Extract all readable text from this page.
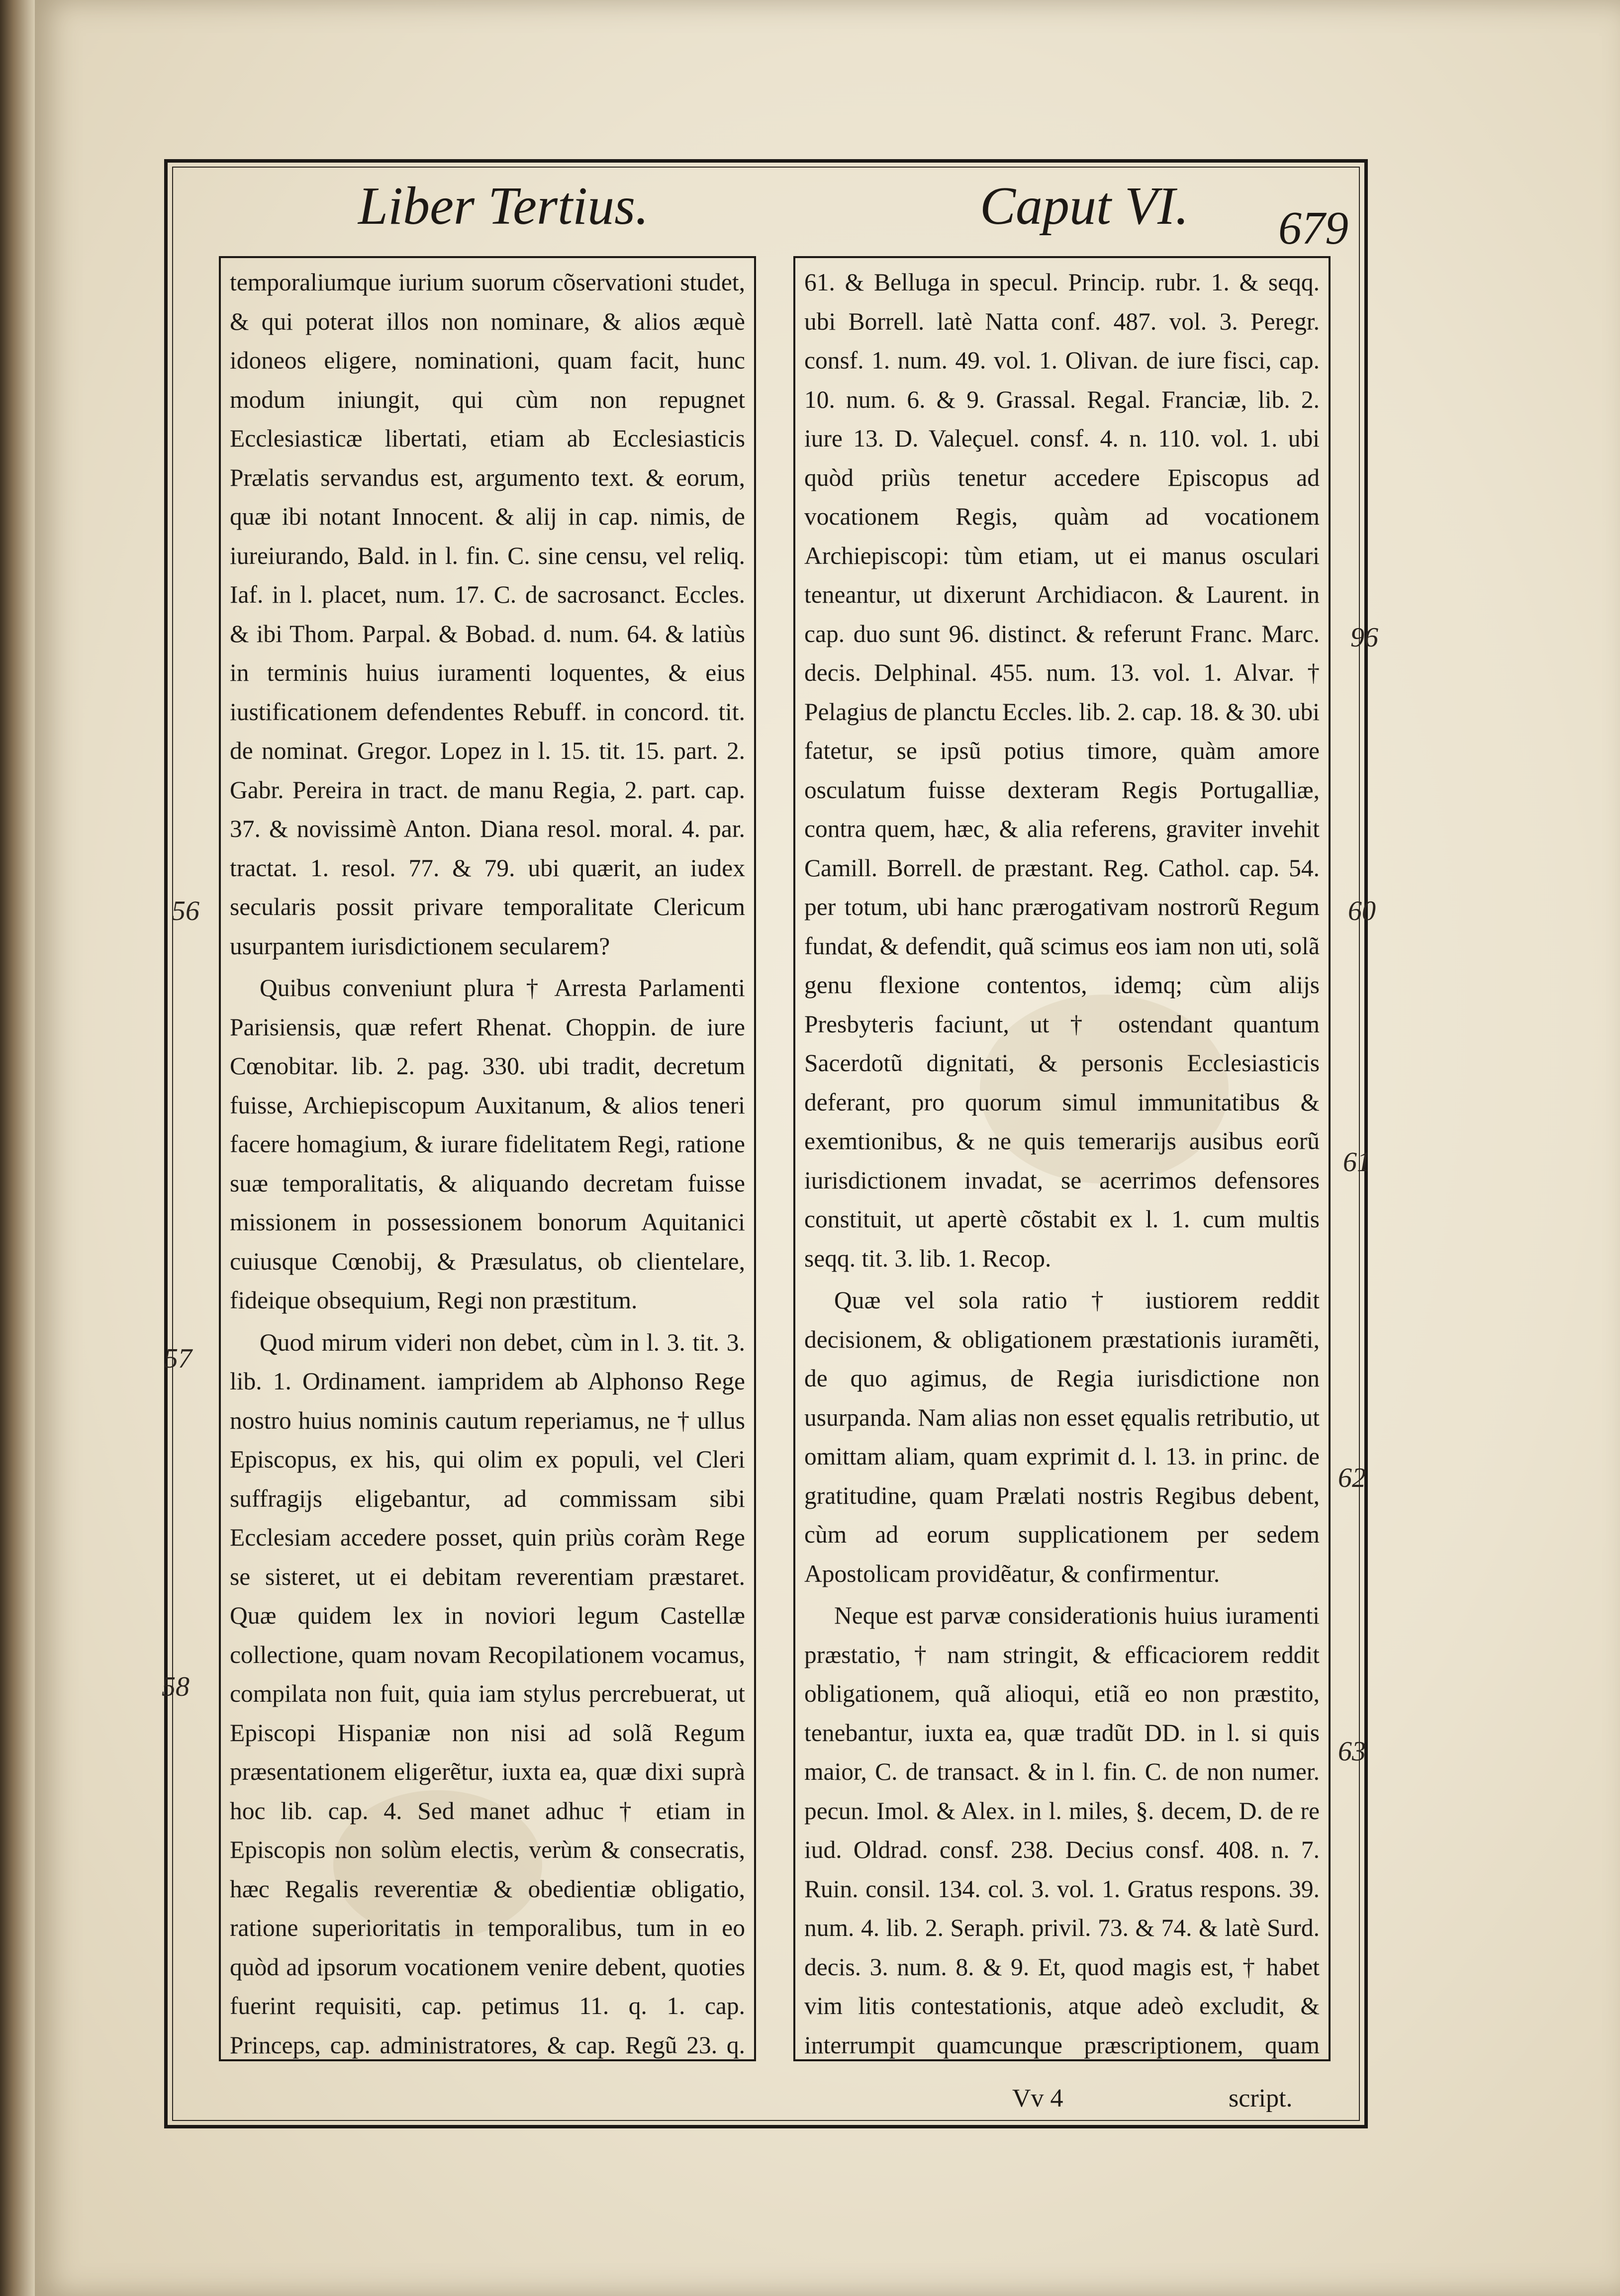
Liber Tertius.	Caput VI. 679

temporaliumque iurium suorum cõservationi studet, & qui poterat illos non nominare, & alios æquè idoneos eligere, nominationi, quam facit, hunc modum iniungit, qui cùm non repugnet Ecclesiasticæ libertati, etiam ab Ecclesiasticis Prælatis servandus est, argumento text. & eorum, quæ ibi notant Innocent. & alij in cap. nimis, de iureiurando, Bald. in l. fin. C. sine censu, vel reliq. Iaf. in l. placet, num. 17. C. de sacrosanct. Eccles. & ibi Thom. Parpal. & Bobad. d. num. 64. & latiùs in terminis huius iuramenti loquentes, & eius iustificationem defendentes Rebuff. in concord. tit. de nominat. Gregor. Lopez in l. 15. tit. 15. part. 2. Gabr. Pereira in tract. de manu Regia, 2. part. cap. 37. & novissimè Anton. Diana resol. moral. 4. par. tractat. 1. resol. 77. & 79. ubi quærit, an iudex secularis possit privare temporalitate Clericum usurpantem iurisdictionem secularem?

Quibus conveniunt plura † Arresta Parlamenti Parisiensis, quæ refert Rhenat. Choppin. de iure Cœnobitar. lib. 2. pag. 330. ubi tradit, decretum fuisse, Archiepiscopum Auxitanum, & alios teneri facere homagium, & iurare fidelitatem Regi, ratione suæ temporalitatis, & aliquando decretam fuisse missionem in possessionem bonorum Aquitanici cuiusque Cœnobij, & Præsulatus, ob clientelare, fideique obsequium, Regi non præstitum.

Quod mirum videri non debet, cùm in l. 3. tit. 3. lib. 1. Ordinament. iampridem ab Alphonso Rege nostro huius nominis cautum reperiamus, ne † ullus Episcopus, ex his, qui olim ex populi, vel Cleri suffragijs eligebantur, ad commissam sibi Ecclesiam accedere posset, quin priùs coràm Rege se sisteret, ut ei debitam reverentiam præstaret. Quæ quidem lex in noviori legum Castellæ collectione, quam novam Recopilationem vocamus, compilata non fuit, quia iam stylus percrebuerat, ut Episcopi Hispaniæ non nisi ad solã Regum præsentationem eligerẽtur, iuxta ea, quæ dixi suprà hoc lib. cap. 4. Sed manet adhuc † etiam in Episcopis non solùm electis, verùm & consecratis, hæc Regalis reverentiæ & obedientiæ obligatio, ratione superioritatis in temporalibus, tum in eo quòd ad ipsorum vocationem venire debent, quoties fuerint requisiti, cap. petimus 11. q. 1. cap. Princeps, cap. administratores, & cap. Regũ 23. q.

61. & Belluga in specul. Princip. rubr. 1. & seqq. ubi Borrell. latè Natta conf. 487. vol. 3. Peregr. consf. 1. num. 49. vol. 1. Olivan. de iure fisci, cap. 10. num. 6. & 9. Grassal. Regal. Franciæ, lib. 2. iure 13. D. Valeçuel. consf. 4. n. 110. vol. 1. ubi quòd priùs tenetur accedere Episcopus ad vocationem Regis, quàm ad vocationem Archiepiscopi: tùm etiam, ut ei manus osculari teneantur, ut dixerunt Archidiacon. & Laurent. in cap. duo sunt 96. distinct. & referunt Franc. Marc. decis. Delphinal. 455. num. 13. vol. 1. Alvar. † Pelagius de planctu Eccles. lib. 2. cap. 18. & 30. ubi fatetur, se ipsũ potius timore, quàm amore osculatum fuisse dexteram Regis Portugalliæ, contra quem, hæc, & alia referens, graviter invehit Camill. Borrell. de præstant. Reg. Cathol. cap. 54. per totum, ubi hanc prærogativam nostrorũ Regum fundat, & defendit, quã scimus eos iam non uti, solã genu flexione contentos, idemq; cùm alijs Presbyteris faciunt, ut † ostendant quantum Sacerdotũ dignitati, & personis Ecclesiasticis deferant, pro quorum simul immunitatibus & exemtionibus, & ne quis temerarijs ausibus eorũ iurisdictionem invadat, se acerrimos defensores constituit, ut apertè cõstabit ex l. 1. cum multis seqq. tit. 3. lib. 1. Recop.

Quæ vel sola ratio † iustiorem reddit decisionem, & obligationem præstationis iuramẽti, de quo agimus, de Regia iurisdictione non usurpanda. Nam alias non esset ęqualis retributio, ut omittam aliam, quam exprimit d. l. 13. in princ. de gratitudine, quam Prælati nostris Regibus debent, cùm ad eorum supplicationem per sedem Apostolicam providẽatur, & confirmentur.

Neque est parvæ considerationis huius iuramenti præstatio, † nam stringit, & efficaciorem reddit obligationem, quã alioqui, etiã eo non præstito, tenebantur, iuxta ea, quæ tradũt DD. in l. si quis maior, C. de transact. & in l. fin. C. de non numer. pecun. Imol. & Alex. in l. miles, §. decem, D. de re iud. Oldrad. consf. 238. Decius consf. 408. n. 7. Ruin. consil. 134. col. 3. vol. 1. Gratus respons. 39. num. 4. lib. 2. Seraph. privil. 73. & 74. & latè Surd. decis. 3. num. 8. & 9. Et, quod magis est, † habet vim litis contestationis, atque adeò excludit, & interrumpit quamcunque præscriptionem, quam

56
57
58
96
60
61
62
63
Vv 4	script.
